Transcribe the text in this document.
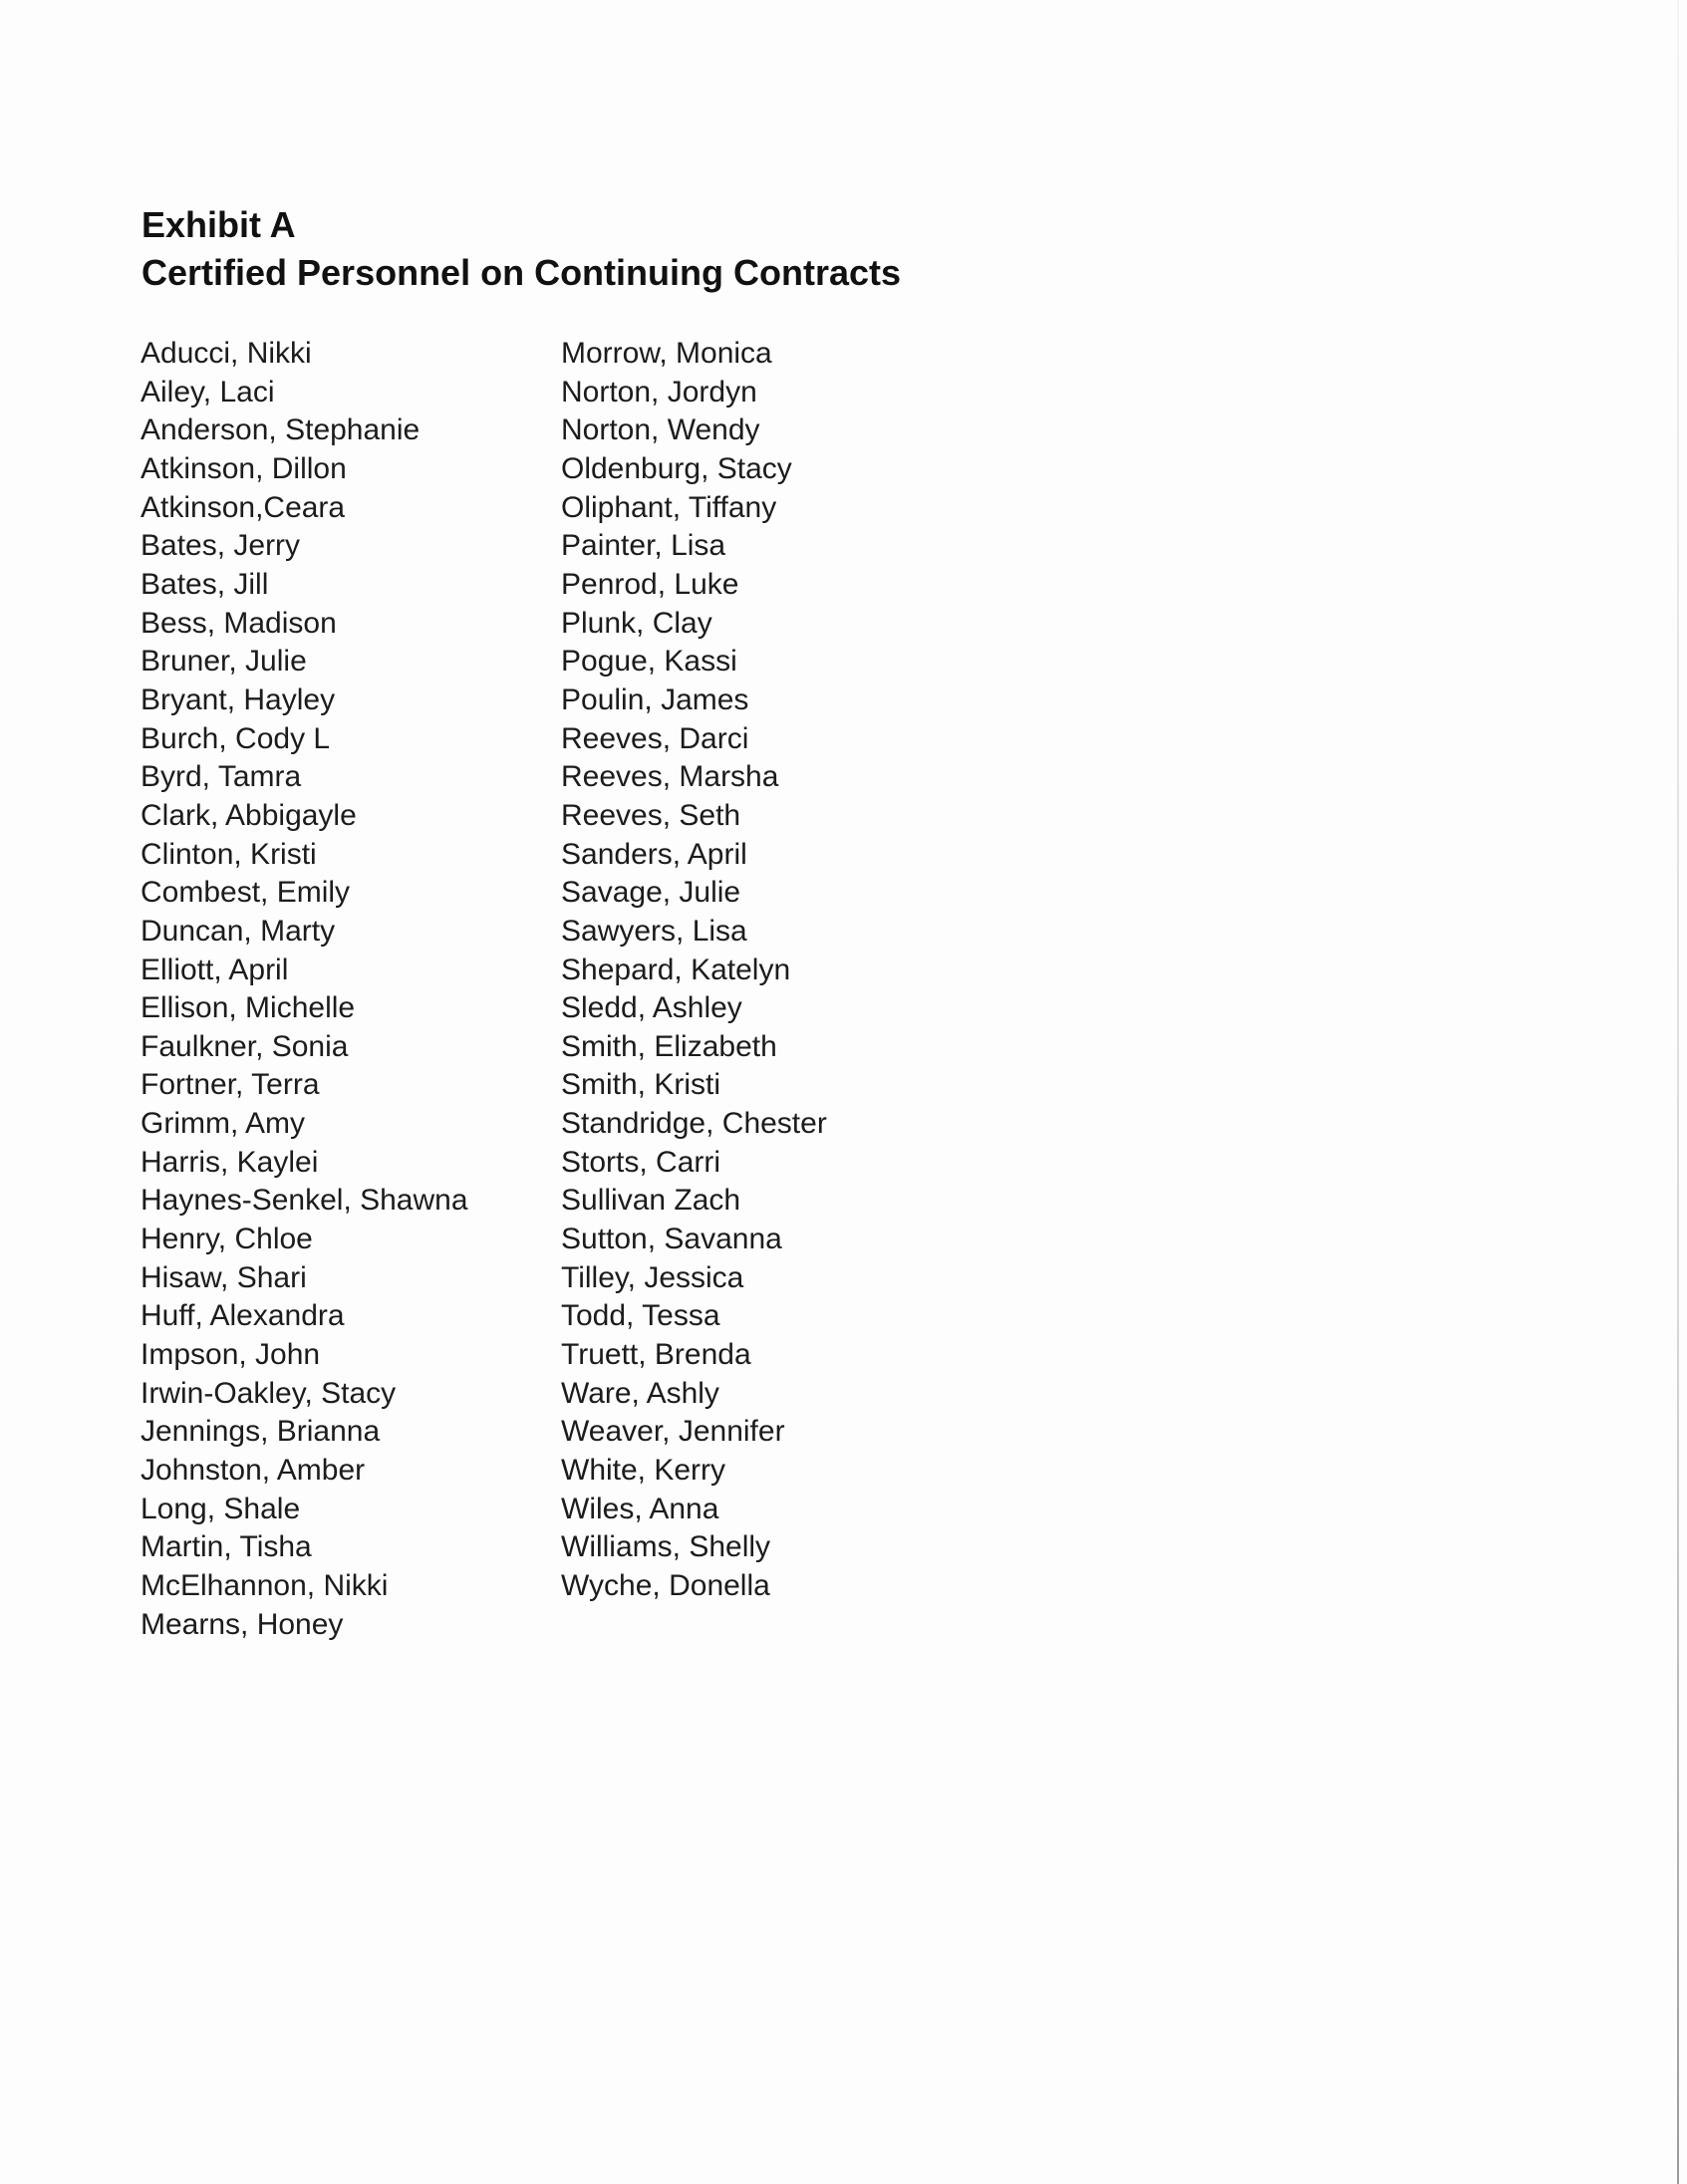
Exhibit A
Certified Personnel on Continuing Contracts
Aducci, Nikki
Ailey, Laci
Anderson, Stephanie
Atkinson, Dillon
Atkinson,Ceara
Bates, Jerry
Bates, Jill
Bess, Madison
Bruner, Julie
Bryant, Hayley
Burch, Cody L
Byrd, Tamra
Clark, Abbigayle
Clinton, Kristi
Combest, Emily
Duncan, Marty
Elliott, April
Ellison, Michelle
Faulkner, Sonia
Fortner, Terra
Grimm, Amy
Harris, Kaylei
Haynes-Senkel, Shawna
Henry, Chloe
Hisaw, Shari
Huff, Alexandra
Impson, John
Irwin-Oakley, Stacy
Jennings, Brianna
Johnston, Amber
Long, Shale
Martin, Tisha
McElhannon, Nikki
Mearns, Honey
Morrow, Monica
Norton, Jordyn
Norton, Wendy
Oldenburg, Stacy
Oliphant, Tiffany
Painter, Lisa
Penrod, Luke
Plunk, Clay
Pogue, Kassi
Poulin, James
Reeves, Darci
Reeves, Marsha
Reeves, Seth
Sanders, April
Savage, Julie
Sawyers, Lisa
Shepard, Katelyn
Sledd, Ashley
Smith, Elizabeth
Smith, Kristi
Standridge, Chester
Storts, Carri
Sullivan Zach
Sutton, Savanna
Tilley, Jessica
Todd, Tessa
Truett, Brenda
Ware, Ashly
Weaver, Jennifer
White, Kerry
Wiles, Anna
Williams, Shelly
Wyche, Donella
